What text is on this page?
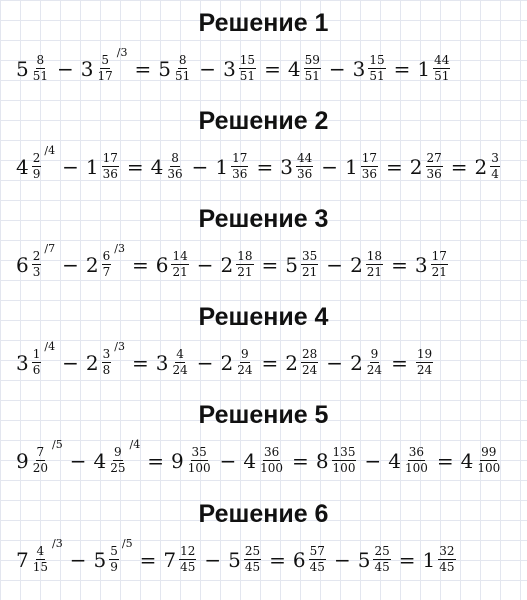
Решение 1
$5 \frac{8}{51} - 3 \frac{5}{17}$
/3
= $5 \frac{8}{51} - 3 \frac{15}{51} = 4 \frac{59}{51} - 3 \frac{15}{51} = 1 \frac{44}{51}$
Решение 2
$4 \frac{2}{9}$
/4
− $1 \frac{17}{36} = 4 \frac{8}{36} - 1 \frac{17}{36} = 3 \frac{44}{36} - 1 \frac{17}{36} = 2 \frac{27}{36} = 2 \frac{3}{4}$
Решение 3
$6 \frac{2}{3}$
/7
− $2 \frac{6}{7}$
/3
= $6 \frac{14}{21} - 2 \frac{18}{21} = 5 \frac{35}{21} - 2 \frac{18}{21} = 3 \frac{17}{21}$
Решение 4
$3 \frac{1}{6}$
/4
− $2 \frac{3}{8}$
/3
= $3 \frac{4}{24} - 2 \frac{9}{24} = 2 \frac{28}{24} - 2 \frac{9}{24} = \frac{19}{24}$
Решение 5
$9 \frac{7}{20}$
/5
− $4 \frac{9}{25}$
/4
= $9 \frac{35}{100} - 4 \frac{36}{100} = 8 \frac{135}{100} - 4 \frac{36}{100} = 4 \frac{99}{100}$
Решение 6
$7 \frac{4}{15}$
/3
− $5 \frac{5}{9}$
/5
= $7 \frac{12}{45} - 5 \frac{25}{45} = 6 \frac{57}{45} - 5 \frac{25}{45} = 1 \frac{32}{45}$
